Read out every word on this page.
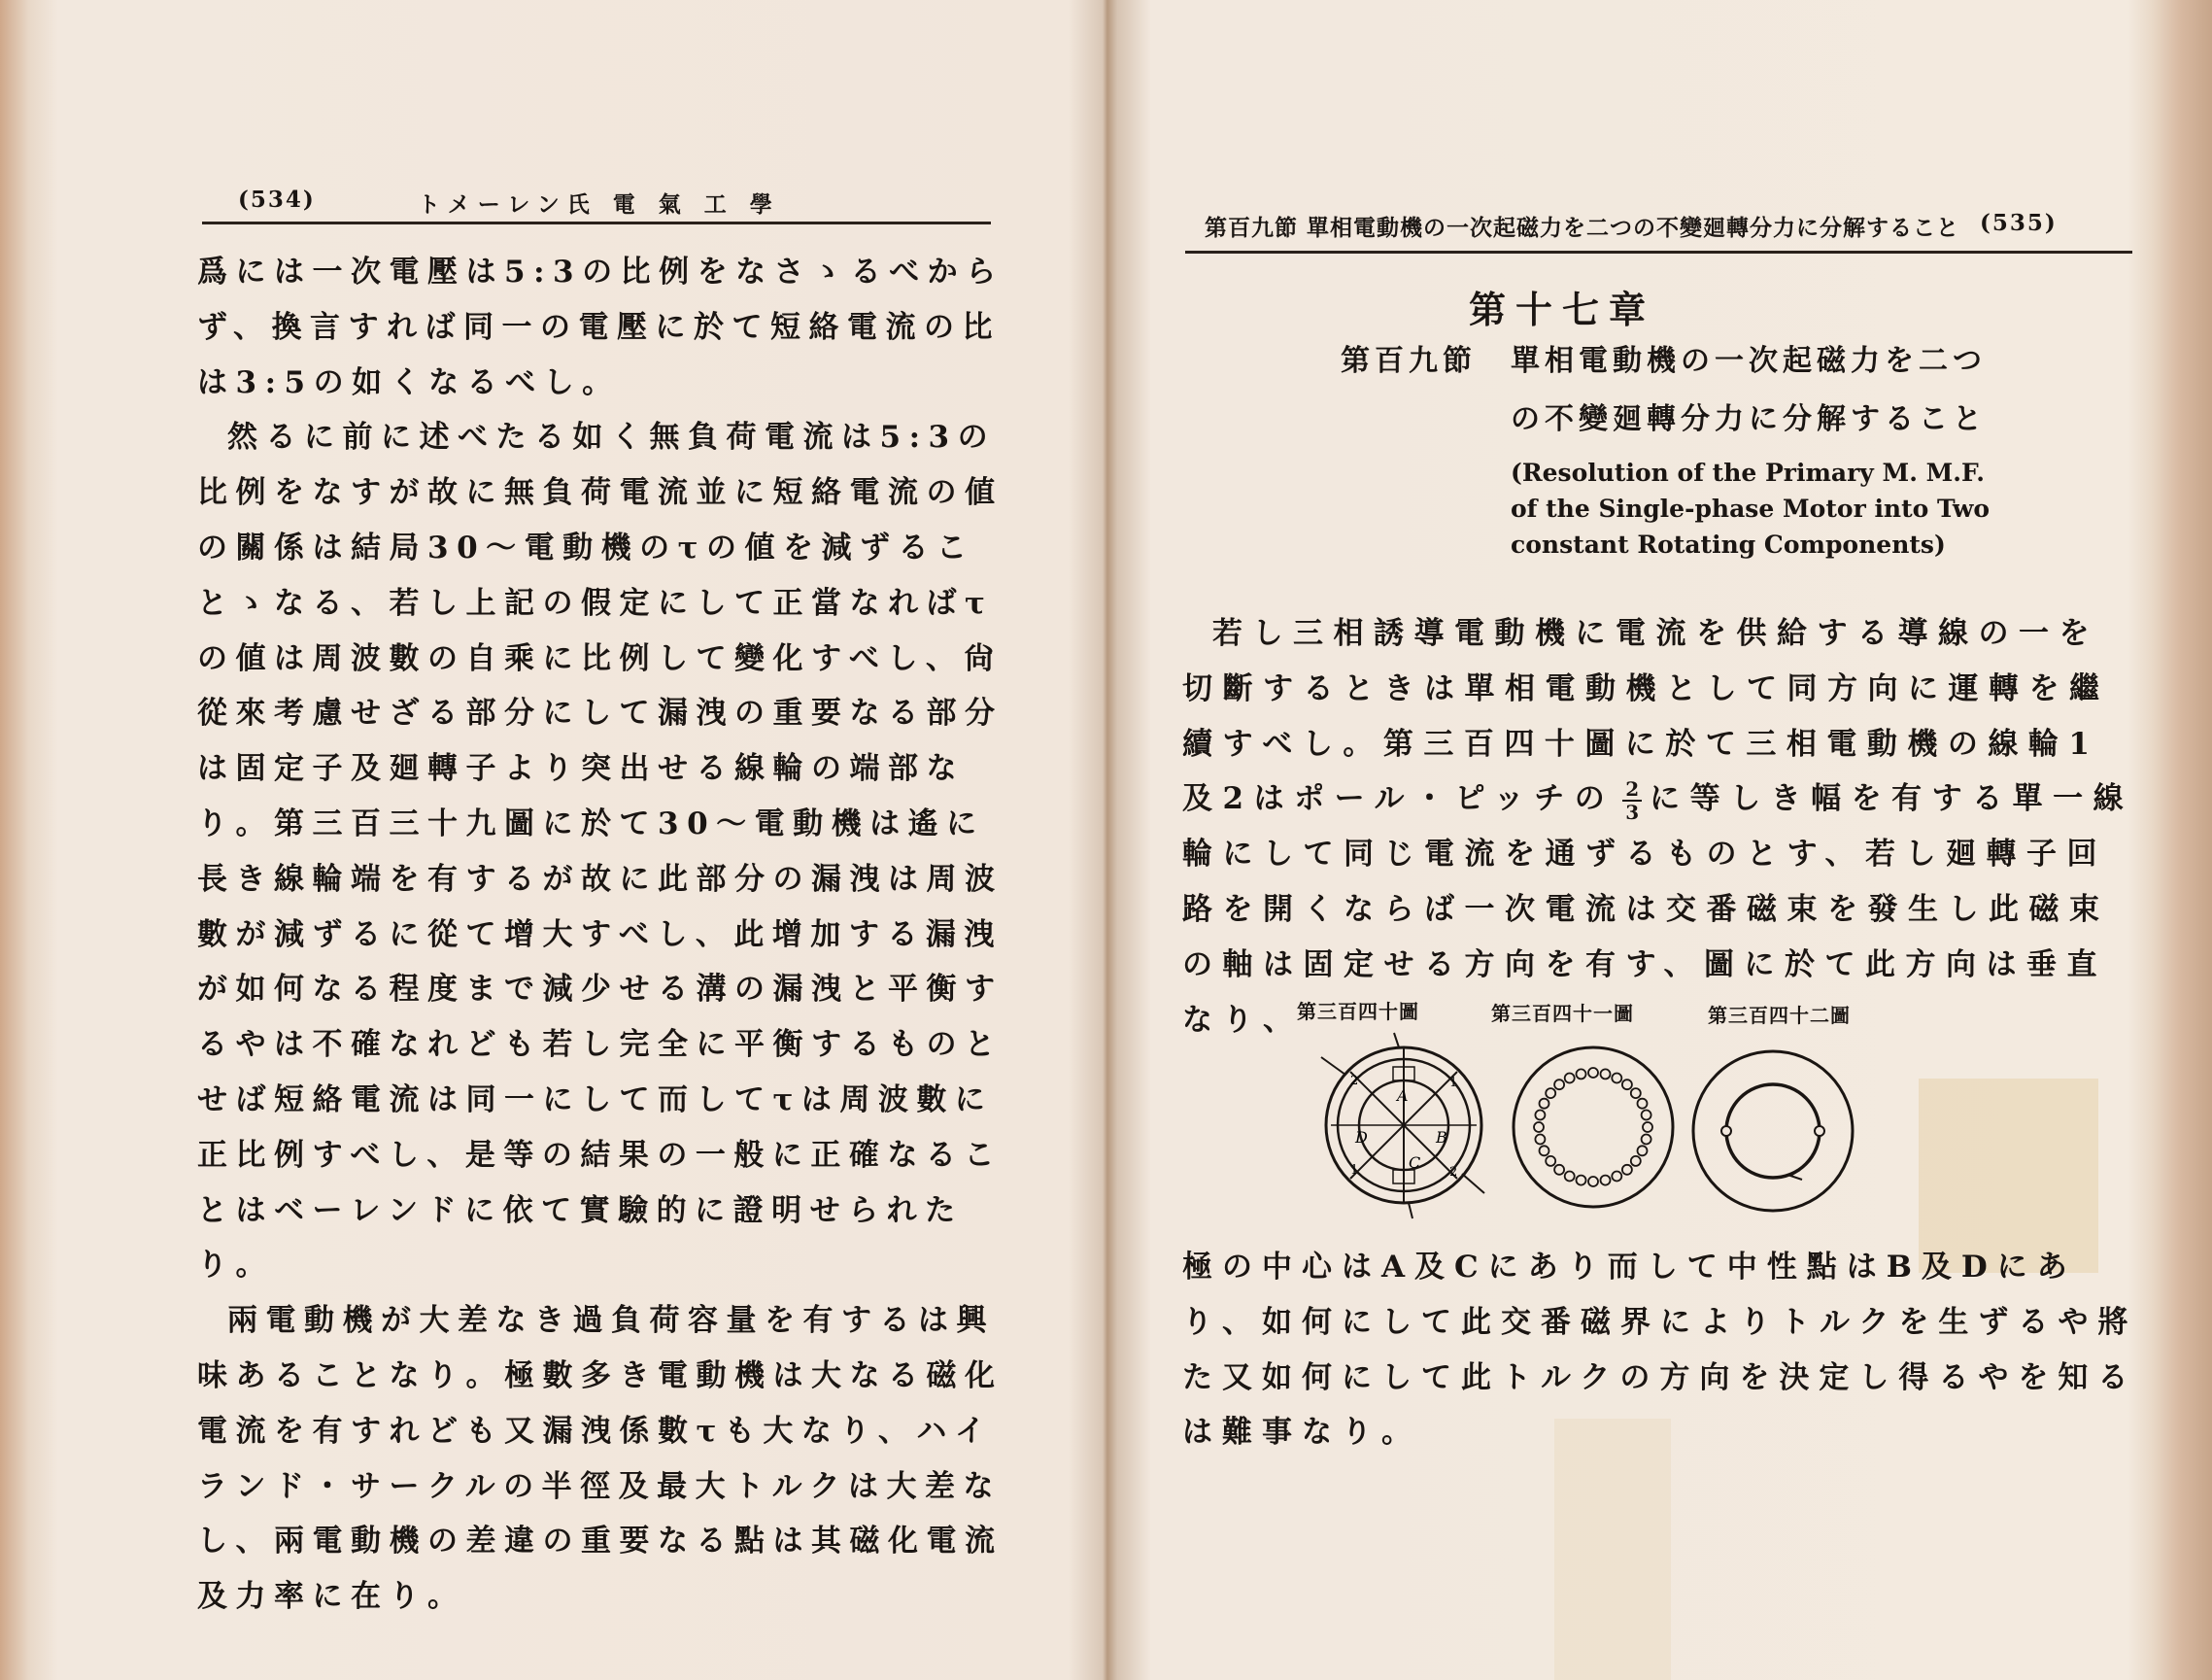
(534)	トメーレン氏 電 氣 工 學

爲には一次電壓は5:3の比例をなさゝるべからず、換言すれば同一の電壓に於て短絡電流の比は3:5の如くなるべし。

然るに前に述べたる如く無負荷電流は5:3の比例をなすが故に無負荷電流並に短絡電流の値の關係は結局30〜電動機のτの値を減ずることゝなる、若し上記の假定にして正當なればτの値は周波數の自乘に比例して變化すべし、尙從來考慮せざる部分にして漏洩の重要なる部分は固定子及廻轉子より突出せる線輪の端部なり。第三百三十九圖に於て30〜電動機は遙に長き線輪端を有するが故に此部分の漏洩は周波數が減ずるに從て增大すべし、此增加する漏洩が如何なる程度まで減少せる溝の漏洩と平衡するやは不確なれども若し完全に平衡するものとせば短絡電流は同一にして而してτは周波數に正比例すべし、是等の結果の一般に正確なることはベーレンドに依て實驗的に證明せられたり。

兩電動機が大差なき過負荷容量を有するは興味あることなり。極數多き電動機は大なる磁化電流を有すれども又漏洩係數τも大なり、ハイランド・サークルの半徑及最大トルクは大差なし、兩電動機の差違の重要なる點は其磁化電流及力率に在り。

第百九節 單相電動機の一次起磁力を二つの不變廻轉分力に分解すること (535)
第十七章
第百九節 單相電動機の一次起磁力を二つ
の不變廻轉分力に分解すること
(Resolution of the Primary M. M.F.
of the Single-phase Motor into Two
constant Rotating Components)

若し三相誘導電動機に電流を供給する導線の一を切斷するときは單相電動機として同方向に運轉を繼續すべし。第三百四十圖に於て三相電動機の線輪1

及2はポール・ピッチの $\frac{2}{3}$ に等しき幅を有する單一線輪にして同じ電流を通ずるものとす、若し廻轉子回路を開くならば一次電流は交番磁束を發生し此磁束の軸は固定せる方向を有す、圖に於て此方向は垂直なり、

第三百四十圖	第三百四十一圖	第三百四十二圖
A
B
C
D
1
1
2
2

極の中心はA及Cにあり而して中性點はB及Dにあり、如何にして此交番磁界によりトルクを生ずるや將た又如何にして此トルクの方向を決定し得るやを知るは難事なり。
